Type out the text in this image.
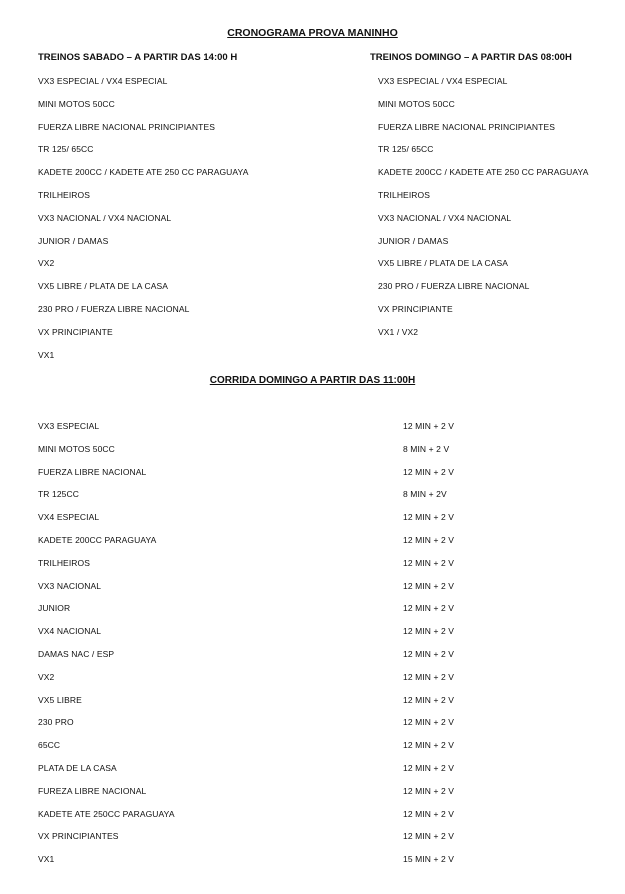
CRONOGRAMA PROVA MANINHO
TREINOS SABADO – A PARTIR DAS 14:00 H	TREINOS DOMINGO – A PARTIR DAS 08:00H
VX3 ESPECIAL / VX4 ESPECIAL
MINI MOTOS 50CC
FUERZA LIBRE NACIONAL PRINCIPIANTES
TR 125/ 65CC
KADETE 200CC / KADETE ATE 250 CC PARAGUAYA
TRILHEIROS
VX3 NACIONAL / VX4 NACIONAL
JUNIOR / DAMAS
VX2
VX5 LIBRE / PLATA DE LA CASA
230 PRO / FUERZA LIBRE NACIONAL
VX PRINCIPIANTE
VX1
VX3 ESPECIAL / VX4 ESPECIAL
MINI MOTOS 50CC
FUERZA LIBRE NACIONAL PRINCIPIANTES
TR 125/ 65CC
KADETE 200CC / KADETE ATE 250 CC PARAGUAYA
TRILHEIROS
VX3 NACIONAL / VX4 NACIONAL
JUNIOR / DAMAS
VX5 LIBRE / PLATA DE LA CASA
230 PRO / FUERZA LIBRE NACIONAL
VX PRINCIPIANTE
VX1 / VX2
CORRIDA DOMINGO A PARTIR DAS 11:00H
VX3 ESPECIAL	12 MIN + 2 V
MINI MOTOS 50CC	8 MIN + 2 V
FUERZA LIBRE NACIONAL	12 MIN + 2 V
TR 125CC	8 MIN + 2V
VX4 ESPECIAL	12 MIN + 2 V
KADETE 200CC PARAGUAYA	12 MIN + 2 V
TRILHEIROS	12 MIN + 2 V
VX3 NACIONAL	12 MIN + 2 V
JUNIOR	12 MIN + 2 V
VX4 NACIONAL	12 MIN + 2 V
DAMAS NAC / ESP	12 MIN + 2 V
VX2	12 MIN + 2 V
VX5 LIBRE	12 MIN + 2 V
230 PRO	12 MIN + 2 V
65CC	12 MIN + 2 V
PLATA DE LA CASA	12 MIN + 2 V
FUREZA LIBRE NACIONAL	12 MIN + 2 V
KADETE ATE 250CC PARAGUAYA	12 MIN + 2 V
VX PRINCIPIANTES	12 MIN + 2 V
VX1	15 MIN + 2 V
